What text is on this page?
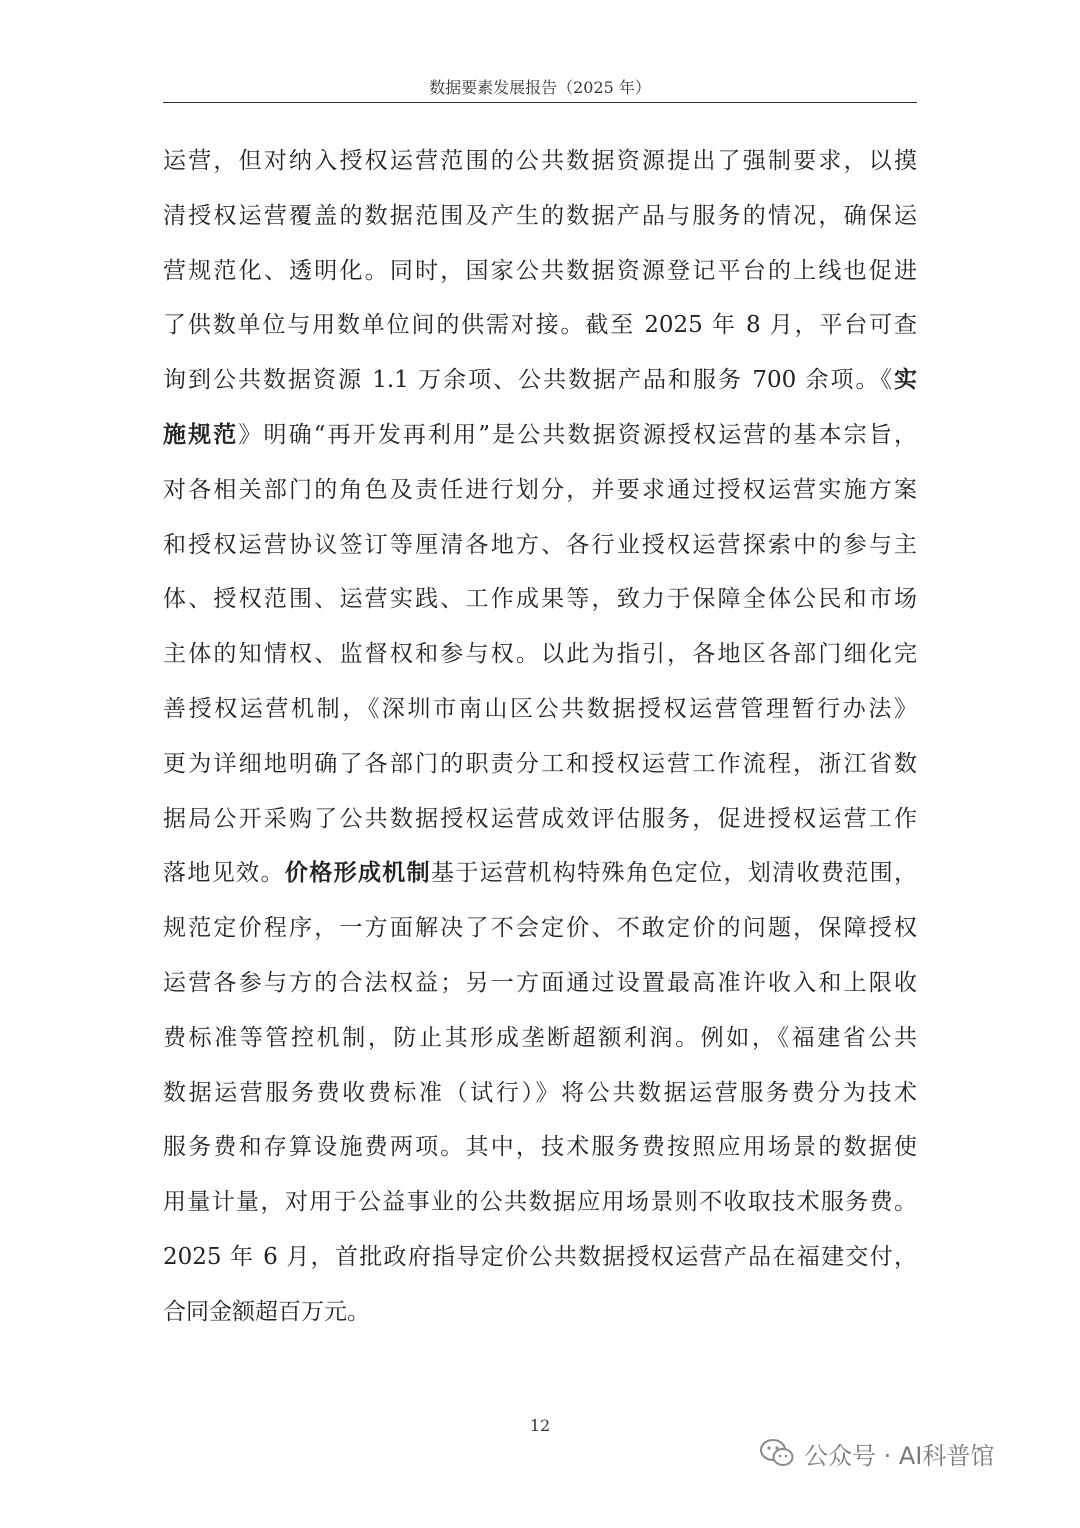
数据要素发展报告（2025 年）
运营，但对纳入授权运营范围的公共数据资源提出了强制要求，以摸
清授权运营覆盖的数据范围及产生的数据产品与服务的情况，确保运
营规范化、透明化。同时，国家公共数据资源登记平台的上线也促进
了供数单位与用数单位间的供需对接。截至 2025 年 8 月，平台可查
询到公共数据资源 1.1 万余项、公共数据产品和服务 700 余项。《实
施规范》明确“再开发再利用”是公共数据资源授权运营的基本宗旨，
对各相关部门的角色及责任进行划分，并要求通过授权运营实施方案
和授权运营协议签订等厘清各地方、各行业授权运营探索中的参与主
体、授权范围、运营实践、工作成果等，致力于保障全体公民和市场
主体的知情权、监督权和参与权。以此为指引，各地区各部门细化完
善授权运营机制，《深圳市南山区公共数据授权运营管理暂行办法》
更为详细地明确了各部门的职责分工和授权运营工作流程，浙江省数
据局公开采购了公共数据授权运营成效评估服务，促进授权运营工作
落地见效。价格形成机制基于运营机构特殊角色定位，划清收费范围，
规范定价程序，一方面解决了不会定价、不敢定价的问题，保障授权
运营各参与方的合法权益；另一方面通过设置最高准许收入和上限收
费标准等管控机制，防止其形成垄断超额利润。例如，《福建省公共
数据运营服务费收费标准（试行）》将公共数据运营服务费分为技术
服务费和存算设施费两项。其中，技术服务费按照应用场景的数据使
用量计量，对用于公益事业的公共数据应用场景则不收取技术服务费。
2025 年 6 月，首批政府指导定价公共数据授权运营产品在福建交付，
合同金额超百万元。
12
公众号 · AI科普馆
